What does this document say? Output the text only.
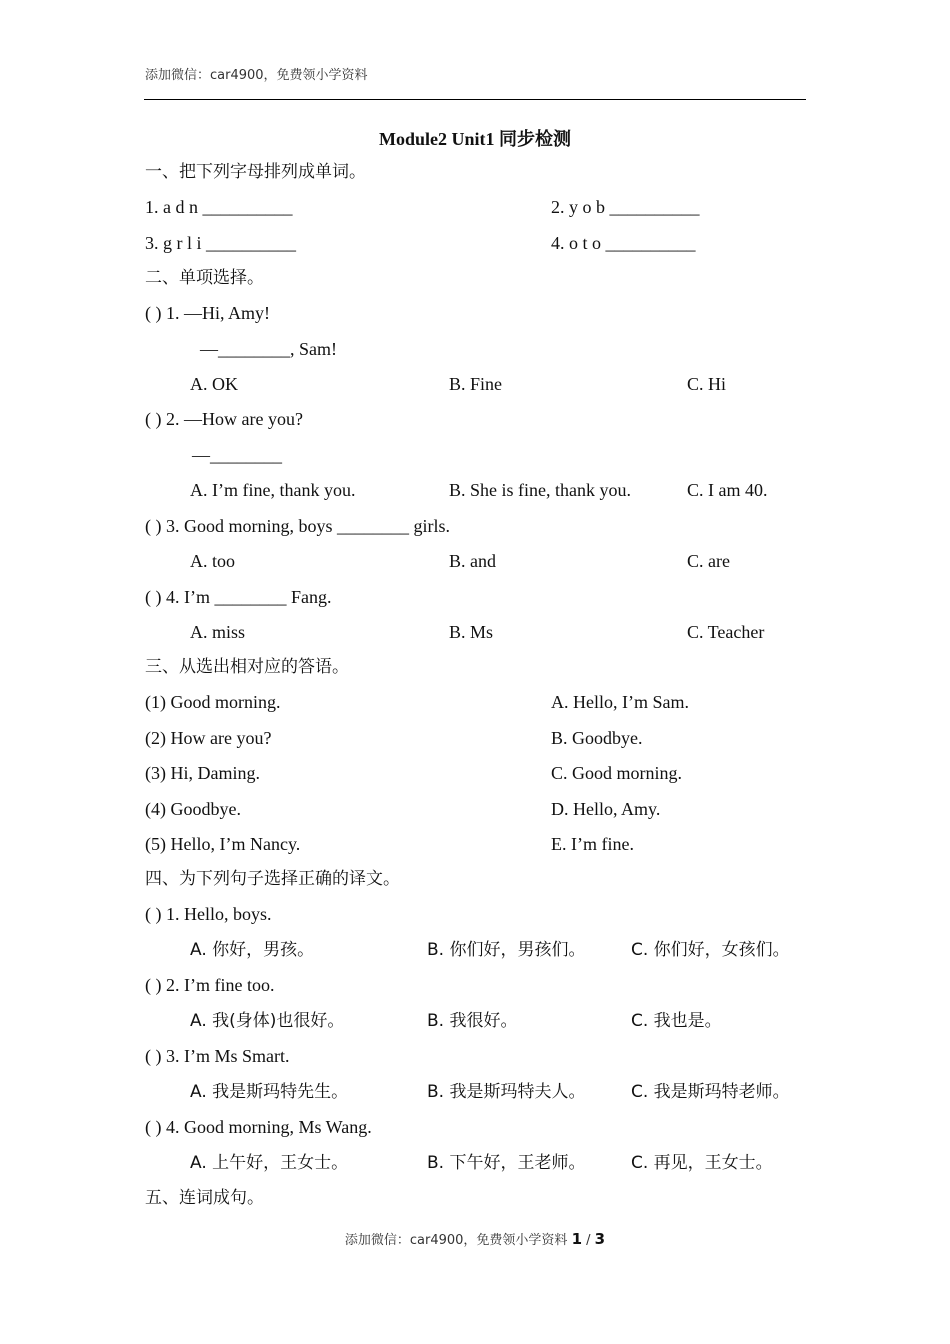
添加微信：car4900，免费领小学资料
Module2 Unit1 同步检测
一、把下列字母排列成单词。
1. a d n __________	2. y o b __________
3. g r l i __________	4. o t o __________
二、单项选择。
( ) 1. —Hi, Amy!
—________, Sam!
A. OK	B. Fine	C. Hi
( ) 2. —How are you?
—________
A. I’m fine, thank you.	B. She is fine, thank you.	C. I am 40.
( ) 3. Good morning, boys ________ girls.
A. too	B. and	C. are
( ) 4. I’m ________ Fang.
A. miss	B. Ms	C. Teacher
三、从选出相对应的答语。
(1) Good morning.	A. Hello, I’m Sam.
(2) How are you?	B. Goodbye.
(3) Hi, Daming.	C. Good morning.
(4) Goodbye.	D. Hello, Amy.
(5) Hello, I’m Nancy.	E. I’m fine.
四、为下列句子选择正确的译文。
( ) 1. Hello, boys.
A. 你好，男孩。	B. 你们好，男孩们。	C. 你们好，女孩们。
( ) 2. I’m fine too.
A. 我(身体)也很好。	B. 我很好。	C. 我也是。
( ) 3. I’m Ms Smart.
A. 我是斯玛特先生。	B. 我是斯玛特夫人。	C. 我是斯玛特老师。
( ) 4. Good morning, Ms Wang.
A. 上午好，王女士。	B. 下午好，王老师。	C. 再见，王女士。
五、连词成句。
添加微信：car4900，免费领小学资料 1 / 3
